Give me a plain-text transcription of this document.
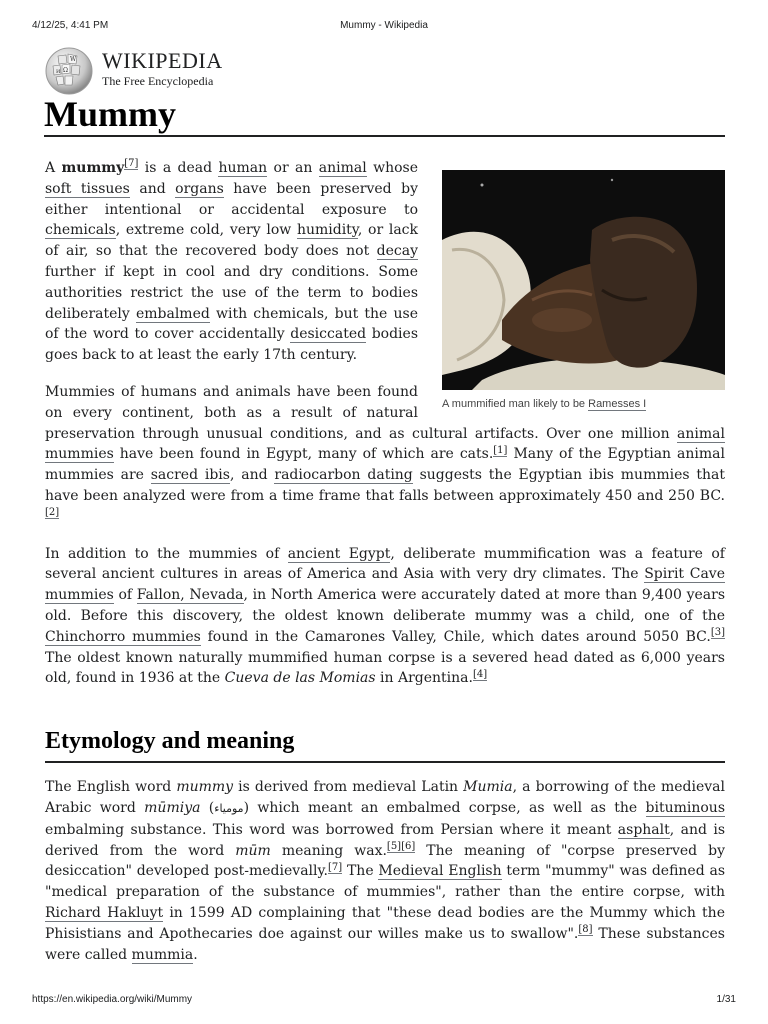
4/12/25, 4:41 PM	Mummy - Wikipedia
Ω
W
И WIKIPEDIA
The Free Encyclopedia
Mummy
A mummified man likely to be Ramesses I

A mummy[7] is a dead human or an animal whose soft tissues and organs have been preserved by either intentional or accidental exposure to chemicals, extreme cold, very low humidity, or lack of air, so that the recovered body does not decay further if kept in cool and dry conditions. Some authorities restrict the use of the term to bodies deliberately embalmed with chemicals, but the use of the word to cover accidentally desiccated bodies goes back to at least the early 17th century.

Mummies of humans and animals have been found on every continent, both as a result of natural preservation through unusual conditions, and as cultural artifacts. Over one million animal mummies have been found in Egypt, many of which are cats.[1] Many of the Egyptian animal mummies are sacred ibis, and radiocarbon dating suggests the Egyptian ibis mummies that have been analyzed were from a time frame that falls between approximately 450 and 250 BC.[2]

In addition to the mummies of ancient Egypt, deliberate mummification was a feature of several ancient cultures in areas of America and Asia with very dry climates. The Spirit Cave mummies of Fallon, Nevada, in North America were accurately dated at more than 9,400 years old. Before this discovery, the oldest known deliberate mummy was a child, one of the Chinchorro mummies found in the Camarones Valley, Chile, which dates around 5050 BC.[3] The oldest known naturally mummified human corpse is a severed head dated as 6,000 years old, found in 1936 at the Cueva de las Momias in Argentina.[4]

Etymology and meaning

The English word mummy is derived from medieval Latin Mumia, a borrowing of the medieval Arabic word mūmiya (مومياء) which meant an embalmed corpse, as well as the bituminous embalming substance. This word was borrowed from Persian where it meant asphalt, and is derived from the word mūm meaning wax.[5][6] The meaning of "corpse preserved by desiccation" developed post-medievally.[7] The Medieval English term "mummy" was defined as "medical preparation of the substance of mummies", rather than the entire corpse, with Richard Hakluyt in 1599 AD complaining that "these dead bodies are the Mummy which the Phisistians and Apothecaries doe against our willes make us to swallow".[8] These substances were called mummia.

https://en.wikipedia.org/wiki/Mummy	1/31
